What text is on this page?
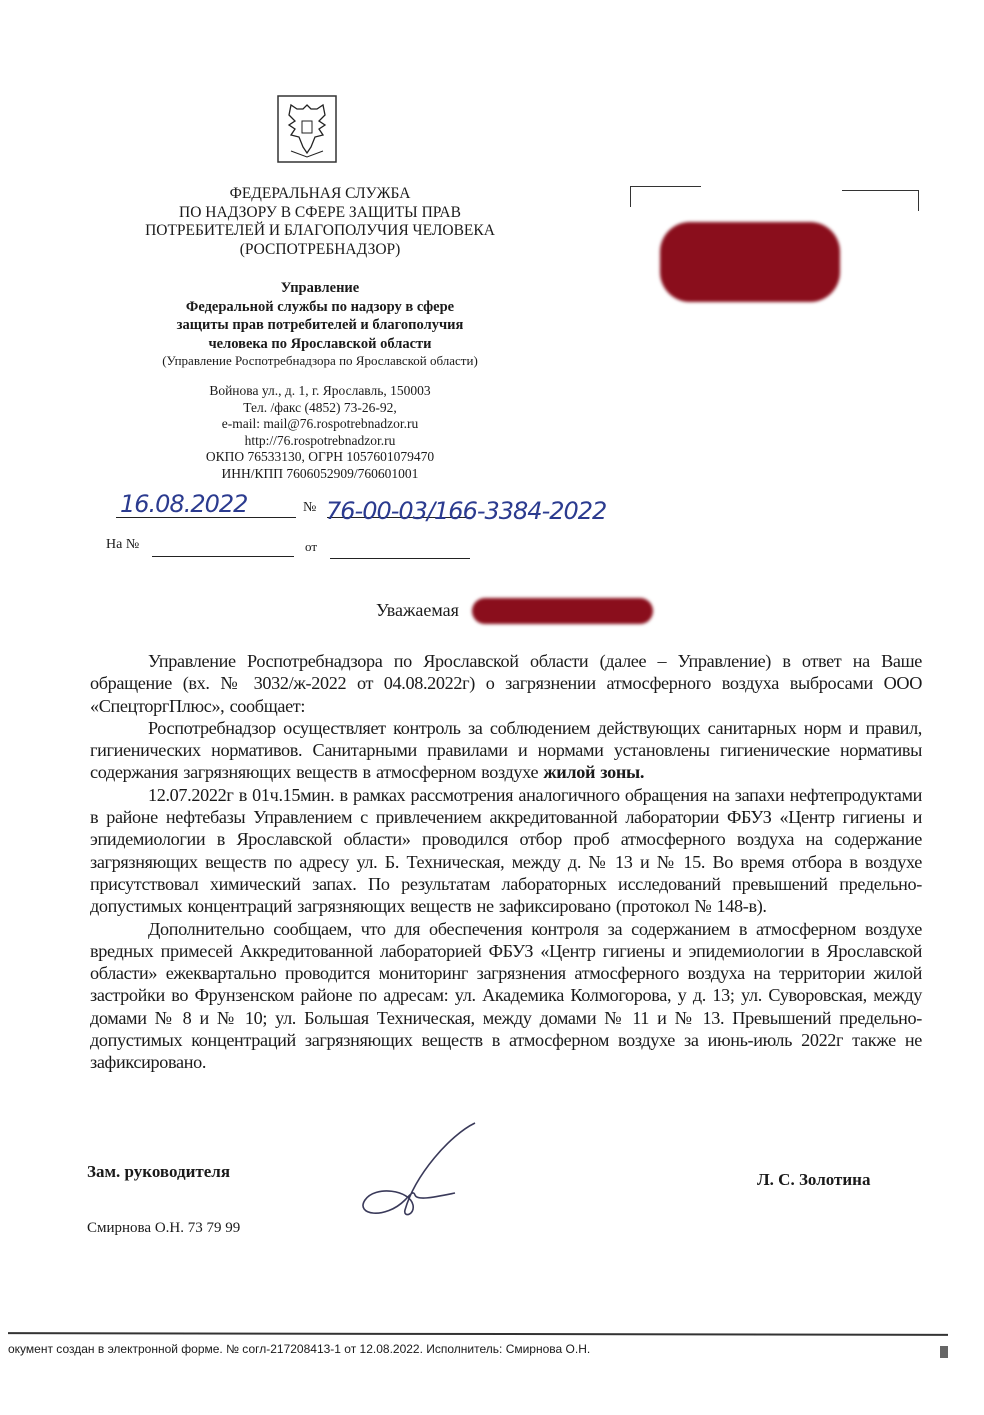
ФЕДЕРАЛЬНАЯ СЛУЖБА
ПО НАДЗОРУ В СФЕРЕ ЗАЩИТЫ ПРАВ
ПОТРЕБИТЕЛЕЙ И БЛАГОПОЛУЧИЯ ЧЕЛОВЕКА
(РОСПОТРЕБНАДЗОР)
Управление
Федеральной службы по надзору в сфере
защиты прав потребителей и благополучия
человека по Ярославской области
(Управление Роспотребнадзора по Ярославской области)
Войнова ул., д. 1, г. Ярославль, 150003
Тел. /факс (4852) 73-26-92,
e-mail: mail@76.rospotrebnadzor.ru
http://76.rospotrebnadzor.ru
ОКПО 76533130, ОГРН 1057601079470
ИНН/КПП 7606052909/760601001
16.08.2022	№ 76-00-03/166-3384-2022
На №	от
Уважаемая

Управление Роспотребнадзора по Ярославской области (далее – Управление) в ответ на Ваше обращение (вх. № 3032/ж-2022 от 04.08.2022г) о загрязнении атмосферного воздуха выбросами ООО «СпецторгПлюс», сообщает:

Роспотребнадзор осуществляет контроль за соблюдением действующих санитарных норм и правил, гигиенических нормативов. Санитарными правилами и нормами установлены гигиенические нормативы содержания загрязняющих веществ в атмосферном воздухе жилой зоны.

12.07.2022г в 01ч.15мин. в рамках рассмотрения аналогичного обращения на запахи нефтепродуктами в районе нефтебазы Управлением с привлечением аккредитованной лаборатории ФБУЗ «Центр гигиены и эпидемиологии в Ярославской области» проводился отбор проб атмосферного воздуха на содержание загрязняющих веществ по адресу ул. Б. Техническая, между д. № 13 и № 15. Во время отбора в воздухе присутствовал химический запах. По результатам лабораторных исследований превышений предельно-допустимых концентраций загрязняющих веществ не зафиксировано (протокол № 148-в).

Дополнительно сообщаем, что для обеспечения контроля за содержанием в атмосферном воздухе вредных примесей Аккредитованной лабораторией ФБУЗ «Центр гигиены и эпидемиологии в Ярославской области» ежеквартально проводится мониторинг загрязнения атмосферного воздуха на территории жилой застройки во Фрунзенском районе по адресам: ул. Академика Колмогорова, у д. 13; ул. Суворовская, между домами № 8 и № 10; ул. Большая Техническая, между домами № 11 и № 13. Превышений предельно-допустимых концентраций загрязняющих веществ в атмосферном воздухе за июнь-июль 2022г также не зафиксировано.

Зам. руководителя	Л. С. Золотина
Смирнова О.Н. 73 79 99
окумент создан в электронной форме. № согл-217208413-1 от 12.08.2022. Исполнитель: Смирнова О.Н.
